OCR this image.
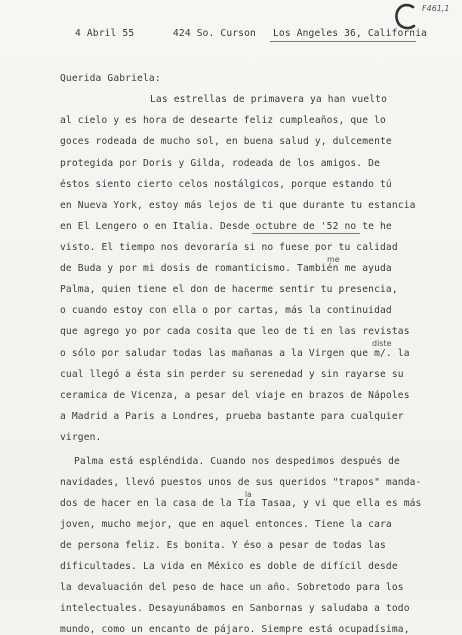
F461,1
4 Abril 55	424 So. Curson Los Angeles 36, California
Querida Gabriela:
Las estrellas de primavera ya han vuelto
al cielo y es hora de desearte feliz cumpleaños, que lo
goces rodeada de mucho sol, en buena salud y, dulcemente
protegida por Doris y Gilda, rodeada de los amigos. De
éstos siento cierto celos nostálgicos, porque estando tú
en Nueva York, estoy más lejos de ti que durante tu estancia
en El Lengero o en Italia. Desde octubre de '52 no te he
visto. El tiempo nos devoraría si no fuese por tu calidad
me
de Buda y por mi dosis de romanticismo. También me ayuda
Palma, quien tiene el don de hacerme sentir tu presencia,
o cuando estoy con ella o por cartas, más la continuidad
que agrego yo por cada cosita que leo de ti en las revistas
diste
o sólo por saludar todas las mañanas a la Virgen que m/. la
cual llegó a ésta sin perder su serenedad y sin rayarse su
ceramica de Vicenza, a pesar del viaje en brazos de Nápoles
a Madrid a Paris a Londres, prueba bastante para cualquier
virgen.
Palma está espléndida. Cuando nos despedimos después de
navidades, llevó puestos unos de sus queridos "trapos" manda-
la
dos de hacer en la casa de la Tía Tasaa, y vi que ella es más
joven, mucho mejor, que en aquel entonces. Tiene la cara
de persona feliz. Es bonita. Y éso a pesar de todas las
dificultades. La vida en México es doble de difícil desde
la devaluación del peso de hace un año. Sobretodo para los
intelectuales. Desayunábamos en Sanbornas y saludaba a todo
mundo, como un encanto de pájaro. Siempre está ocupadísima,
